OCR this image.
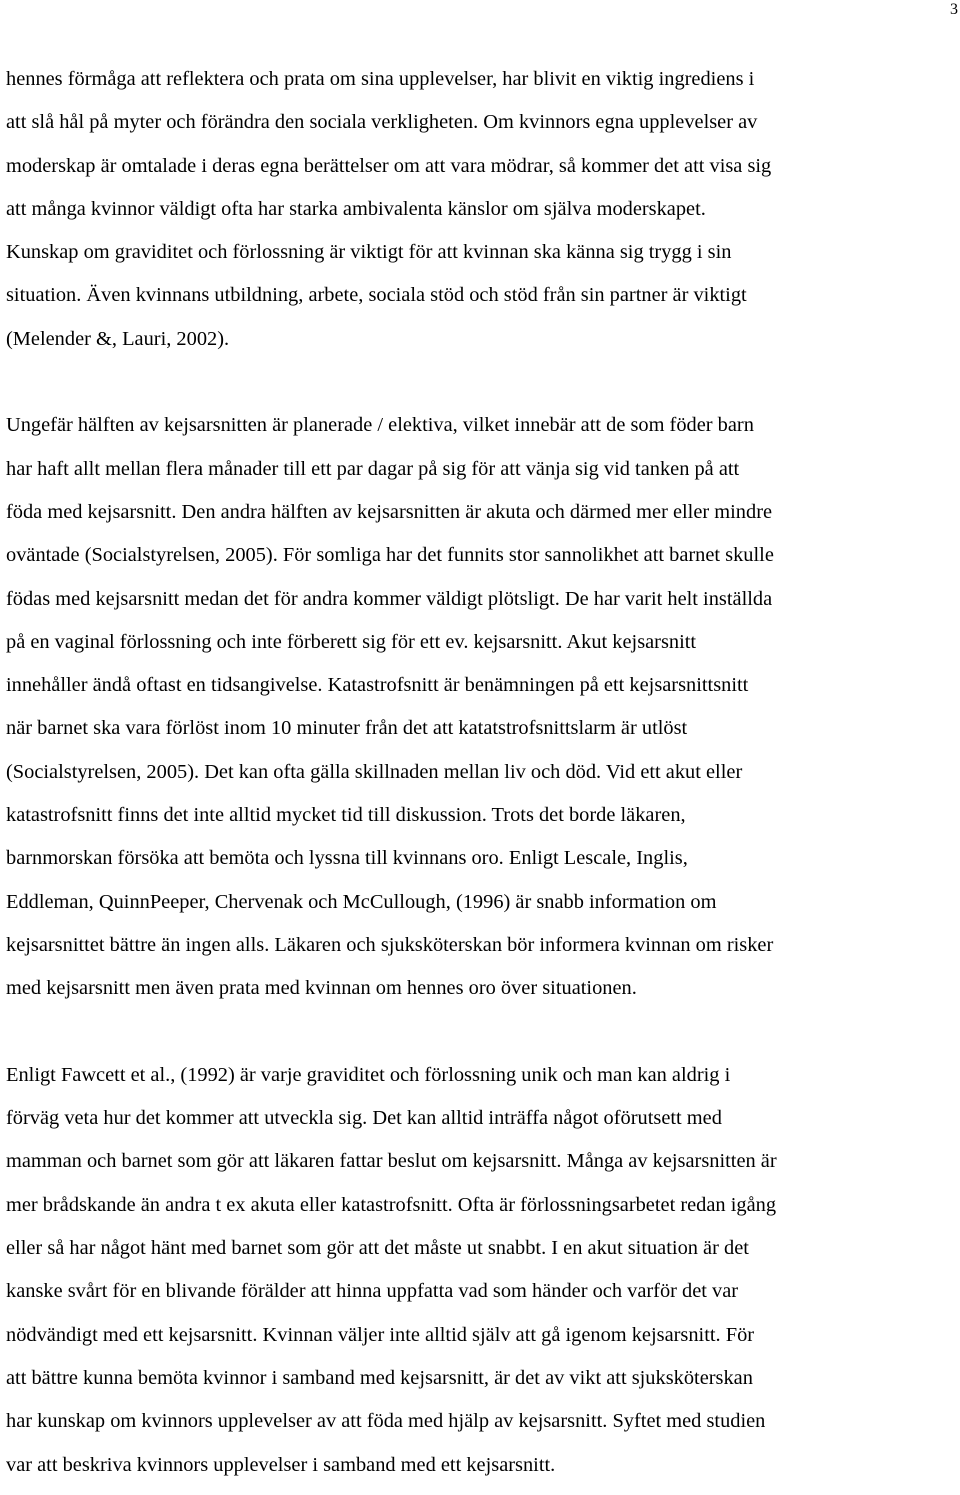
3

hennes förmåga att reflektera och prata om sina upplevelser, har blivit en viktig ingrediens i
att slå hål på myter och förändra den sociala verkligheten. Om kvinnors egna upplevelser av
moderskap är omtalade i deras egna berättelser om att vara mödrar, så kommer det att visa sig
att många kvinnor väldigt ofta har starka ambivalenta känslor om själva moderskapet.
Kunskap om graviditet och förlossning är viktigt för att kvinnan ska känna sig trygg i sin
situation. Även kvinnans utbildning, arbete, sociala stöd och stöd från sin partner är viktigt
(Melender &, Lauri, 2002).

Ungefär hälften av kejsarsnitten är planerade / elektiva, vilket innebär att de som föder barn
har haft allt mellan flera månader till ett par dagar på sig för att vänja sig vid tanken på att
föda med kejsarsnitt. Den andra hälften av kejsarsnitten är akuta och därmed mer eller mindre
oväntade (Socialstyrelsen, 2005). För somliga har det funnits stor sannolikhet att barnet skulle
födas med kejsarsnitt medan det för andra kommer väldigt plötsligt. De har varit helt inställda
på en vaginal förlossning och inte förberett sig för ett ev. kejsarsnitt. Akut kejsarsnitt
innehåller ändå oftast en tidsangivelse. Katastrofsnitt är benämningen på ett kejsarsnittsnitt
när barnet ska vara förlöst inom 10 minuter från det att katatstrofsnittslarm är utlöst
(Socialstyrelsen, 2005). Det kan ofta gälla skillnaden mellan liv och död. Vid ett akut eller
katastrofsnitt finns det inte alltid mycket tid till diskussion. Trots det borde läkaren,
barnmorskan försöka att bemöta och lyssna till kvinnans oro. Enligt Lescale, Inglis,
Eddleman, QuinnPeeper, Chervenak och McCullough, (1996) är snabb information om
kejsarsnittet bättre än ingen alls. Läkaren och sjuksköterskan bör informera kvinnan om risker
med kejsarsnitt men även prata med kvinnan om hennes oro över situationen.

Enligt Fawcett et al., (1992) är varje graviditet och förlossning unik och man kan aldrig i
förväg veta hur det kommer att utveckla sig. Det kan alltid inträffa något oförutsett med
mamman och barnet som gör att läkaren fattar beslut om kejsarsnitt. Många av kejsarsnitten är
mer brådskande än andra t ex akuta eller katastrofsnitt. Ofta är förlossningsarbetet redan igång
eller så har något hänt med barnet som gör att det måste ut snabbt. I en akut situation är det
kanske svårt för en blivande förälder att hinna uppfatta vad som händer och varför det var
nödvändigt med ett kejsarsnitt. Kvinnan väljer inte alltid själv att gå igenom kejsarsnitt. För
att bättre kunna bemöta kvinnor i samband med kejsarsnitt, är det av vikt att sjuksköterskan
har kunskap om kvinnors upplevelser av att föda med hjälp av kejsarsnitt. Syftet med studien
var att beskriva kvinnors upplevelser i samband med ett kejsarsnitt.
